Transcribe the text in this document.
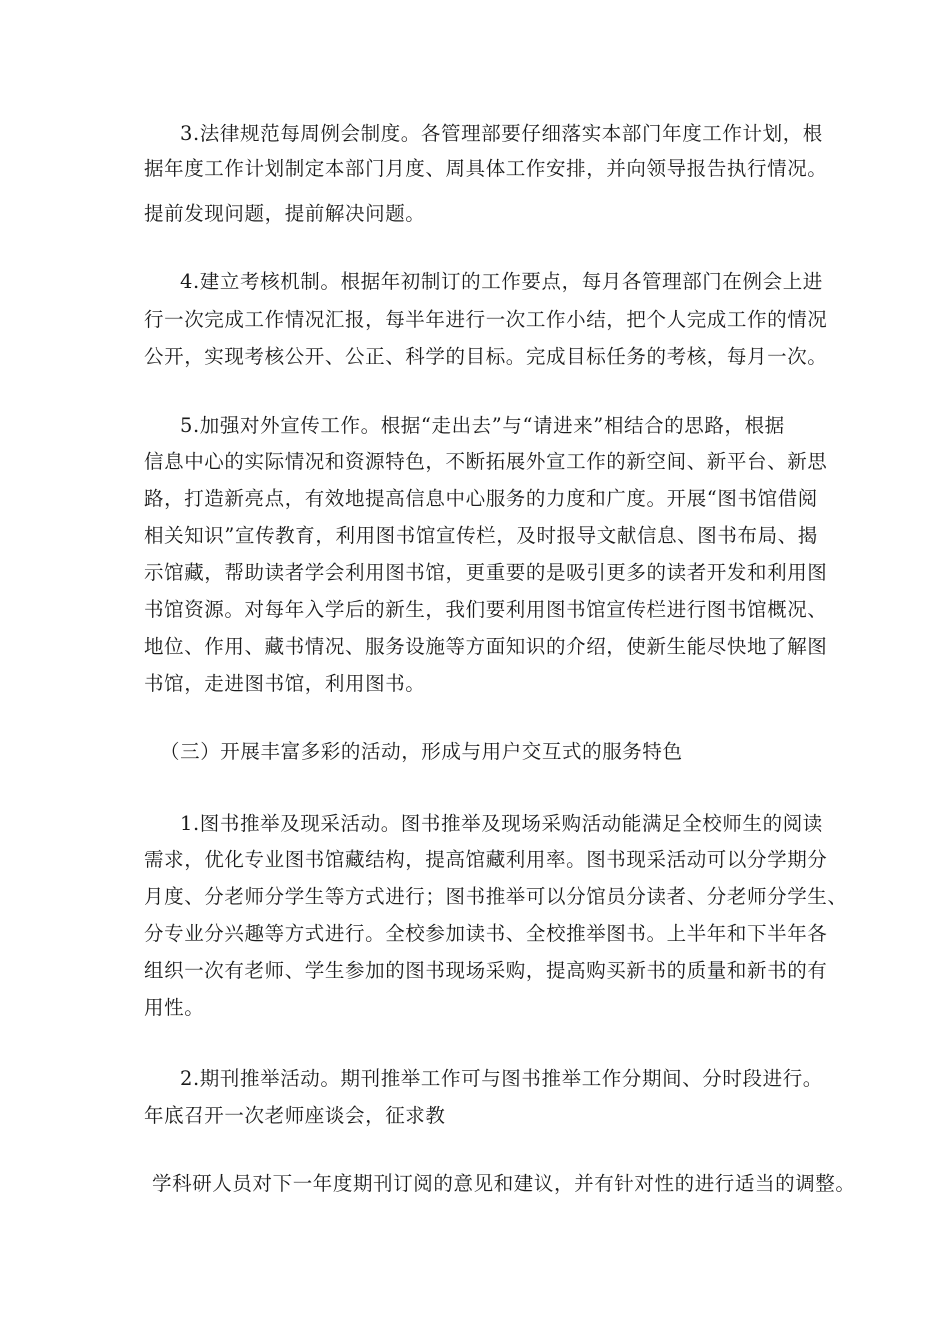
3.法律规范每周例会制度。各管理部要仔细落实本部门年度工作计划，根
据年度工作计划制定本部门月度、周具体工作安排，并向领导报告执行情况。
提前发现问题，提前解决问题。
4.建立考核机制。根据年初制订的工作要点，每月各管理部门在例会上进
行一次完成工作情况汇报，每半年进行一次工作小结，把个人完成工作的情况
公开，实现考核公开、公正、科学的目标。完成目标任务的考核，每月一次。
5.加强对外宣传工作。根据“走出去”与“请进来”相结合的思路，根据
信息中心的实际情况和资源特色，不断拓展外宣工作的新空间、新平台、新思
路，打造新亮点，有效地提高信息中心服务的力度和广度。开展“图书馆借阅
相关知识”宣传教育，利用图书馆宣传栏，及时报导文献信息、图书布局、揭
示馆藏，帮助读者学会利用图书馆，更重要的是吸引更多的读者开发和利用图
书馆资源。对每年入学后的新生，我们要利用图书馆宣传栏进行图书馆概况、
地位、作用、藏书情况、服务设施等方面知识的介绍，使新生能尽快地了解图
书馆，走进图书馆，利用图书。
（三）开展丰富多彩的活动，形成与用户交互式的服务特色
1.图书推举及现采活动。图书推举及现场采购活动能满足全校师生的阅读
需求，优化专业图书馆藏结构，提高馆藏利用率。图书现采活动可以分学期分
月度、分老师分学生等方式进行；图书推举可以分馆员分读者、分老师分学生、
分专业分兴趣等方式进行。全校参加读书、全校推举图书。上半年和下半年各
组织一次有老师、学生参加的图书现场采购，提高购买新书的质量和新书的有
用性。
2.期刊推举活动。期刊推举工作可与图书推举工作分期间、分时段进行。
年底召开一次老师座谈会，征求教
学科研人员对下一年度期刊订阅的意见和建议，并有针对性的进行适当的调整。
